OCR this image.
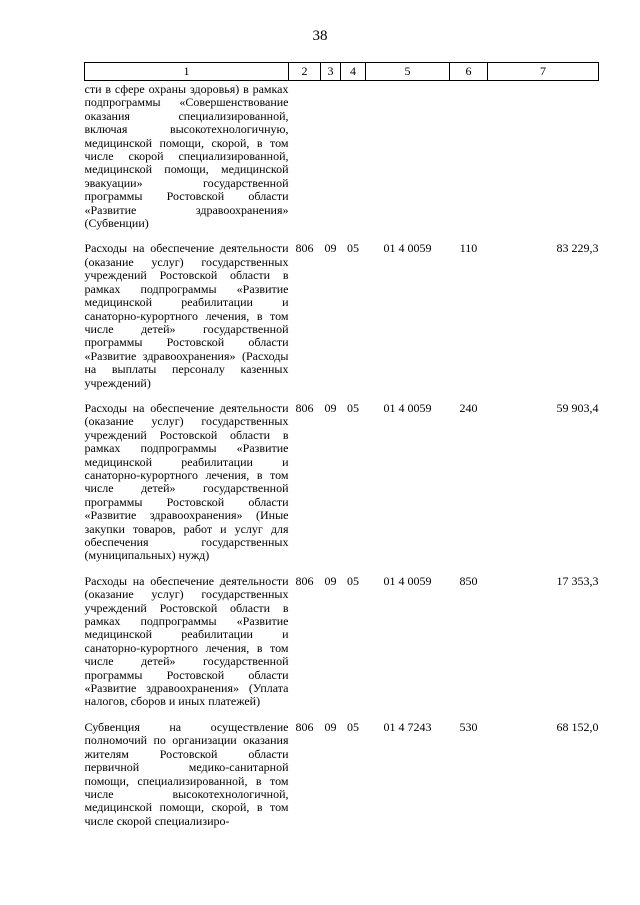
38
1	2	3	4	5	6	7
сти в сфере охраны здоровья) в рамках подпрограммы «Совершенствование оказания специализированной, включая высокотехнологичную, медицинской помощи, скорой, в том числе скорой специализированной, медицинской помощи, медицинской эвакуации» государственной программы Ростовской области «Развитие здравоохранения» (Субвенции)						
Расходы на обеспечение деятельности (оказание услуг) государственных учреждений Ростовской области в рамках подпрограммы «Развитие медицинской реабилитации и санаторно-курортного лечения, в том числе детей» государственной программы Ростовской области «Развитие здравоохранения» (Расходы на выплаты персоналу казенных учреждений)	806	09	05	01 4 0059	110	83 229,3
Расходы на обеспечение деятельности (оказание услуг) государственных учреждений Ростовской области в рамках подпрограммы «Развитие медицинской реабилитации и санаторно-курортного лечения, в том числе детей» государственной программы Ростовской области «Развитие здравоохранения» (Иные закупки товаров, работ и услуг для обеспечения государственных (муниципальных) нужд)	806	09	05	01 4 0059	240	59 903,4
Расходы на обеспечение деятельности (оказание услуг) государственных учреждений Ростовской области в рамках подпрограммы «Развитие медицинской реабилитации и санаторно-курортного лечения, в том числе детей» государственной программы Ростовской области «Развитие здравоохранения» (Уплата налогов, сборов и иных платежей)	806	09	05	01 4 0059	850	17 353,3
Субвенция на осуществление полномочий по организации оказания жителям Ростовской области первичной медико-санитарной помощи, специализированной, в том числе высокотехнологичной, медицинской помощи, скорой, в том числе скорой специализиро-	806	09	05	01 4 7243	530	68 152,0
